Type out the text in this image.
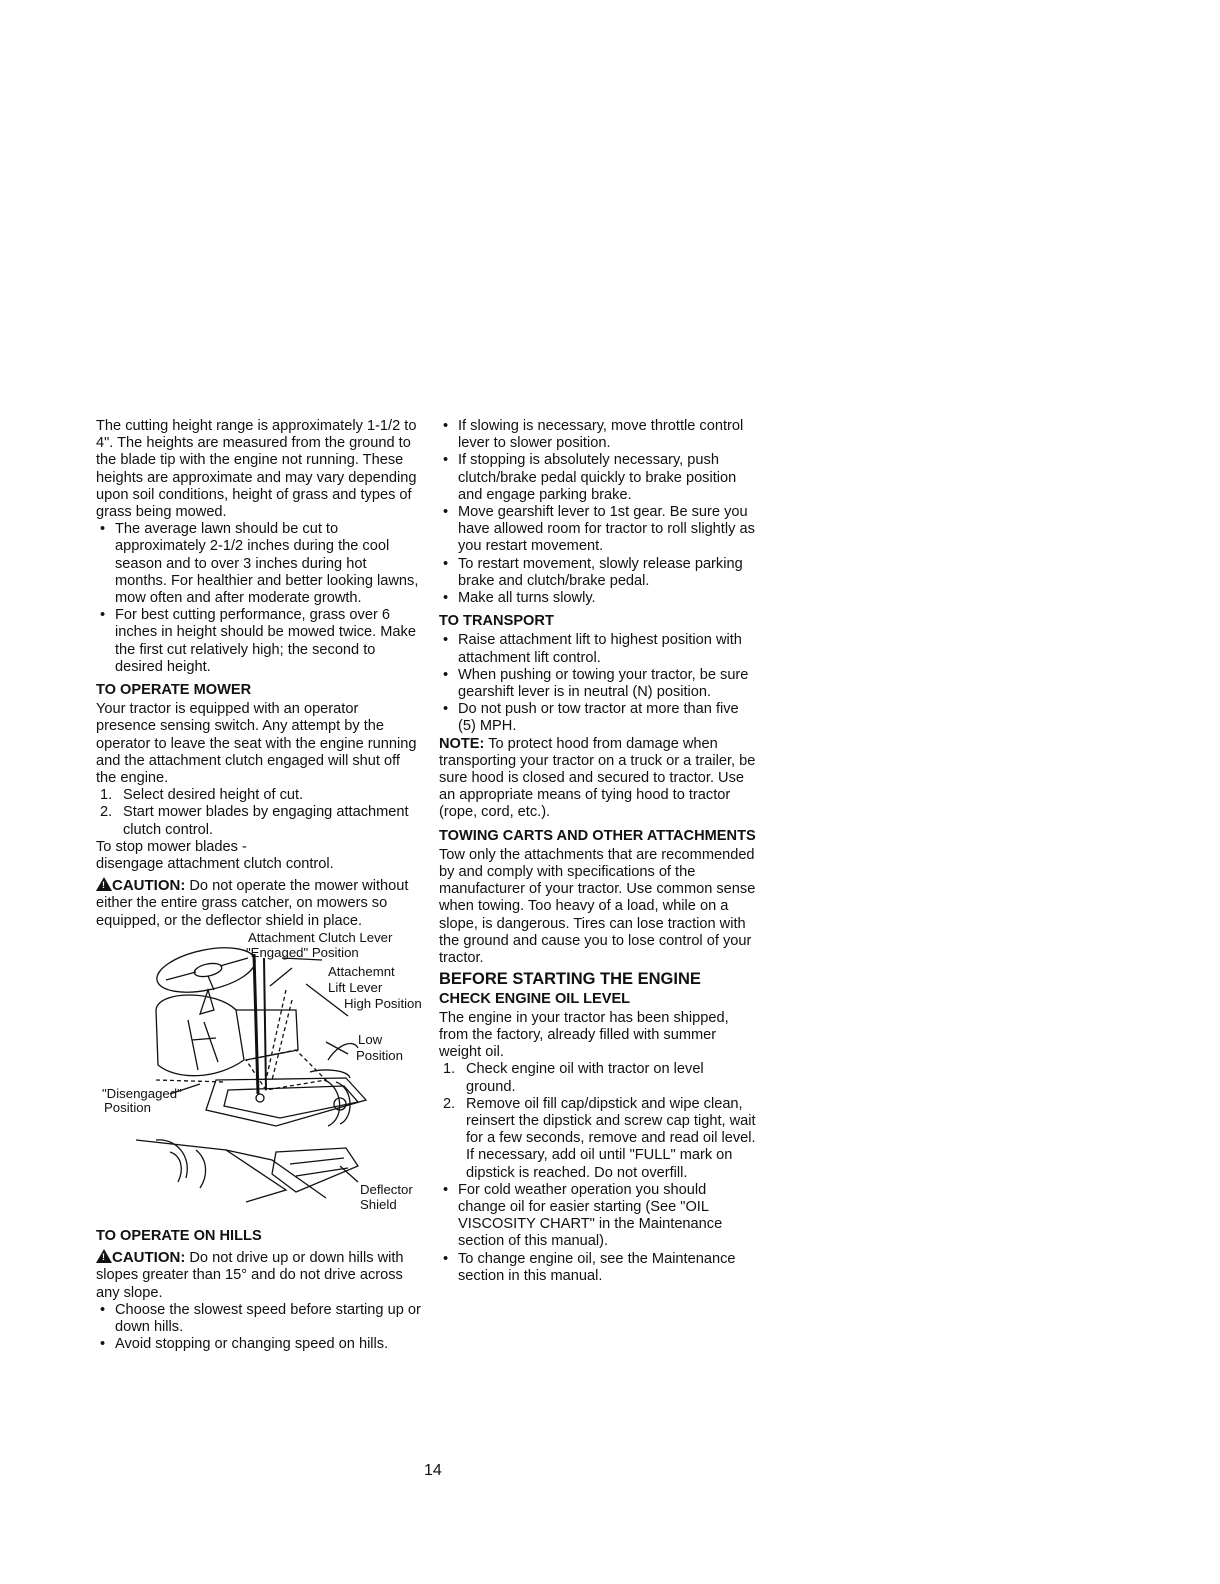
The cutting height range is approximately 1-1/2 to 4". The heights are measured from the ground to the blade tip with the engine not running. These heights are approximate and may vary depending upon soil conditions, height of grass and types of grass being mowed.

• The average lawn should be cut to approximately 2-1/2 inches during the cool season and to over 3 inches during hot months. For healthier and better looking lawns, mow often and after moderate growth.
• For best cutting performance, grass over 6 inches in height should be mowed twice. Make the first cut relatively high; the second to desired height.
TO OPERATE MOWER

Your tractor is equipped with an operator presence sensing switch. Any attempt by the operator to leave the seat with the engine running and the attachment clutch engaged will shut off the engine.

1. Select desired height of cut.
2. Start mower blades by engaging attachment clutch control.

To stop mower blades -

disengage attachment clutch control.

!CAUTION: Do not operate the mower without either the entire grass catcher, on mowers so equipped, or the deflector shield in place.

Attachment Clutch Lever
"Engaged" Position
Attachemnt
Lift Lever
High Position
Low
Position
"Disengaged"
Position
Deflector
Shield
TO OPERATE ON HILLS

!CAUTION: Do not drive up or down hills with slopes greater than 15° and do not drive across any slope.

• Choose the slowest speed before starting up or down hills.
• Avoid stopping or changing speed on hills.
• If slowing is necessary, move throttle control lever to slower position.
• If stopping is absolutely necessary, push clutch/brake pedal quickly to brake position and engage parking brake.
• Move gearshift lever to 1st gear. Be sure you have allowed room for tractor to roll slightly as you restart movement.
• To restart movement, slowly release parking brake and clutch/brake pedal.
• Make all turns slowly.
TO TRANSPORT
• Raise attachment lift to highest position with attachment lift control.
• When pushing or towing your tractor, be sure gearshift lever is in neutral (N) position.
• Do not push or tow tractor at more than five (5) MPH.

NOTE: To protect hood from damage when transporting your tractor on a truck or a trailer, be sure hood is closed and secured to tractor. Use an appropriate means of tying hood to tractor (rope, cord, etc.).

TOWING CARTS AND OTHER ATTACHMENTS

Tow only the attachments that are recommended by and comply with specifications of the manufacturer of your tractor. Use common sense when towing. Too heavy of a load, while on a slope, is dangerous. Tires can lose traction with the ground and cause you to lose control of your tractor.

BEFORE STARTING THE ENGINE
CHECK ENGINE OIL LEVEL

The engine in your tractor has been shipped, from the factory, already filled with summer weight oil.

1. Check engine oil with tractor on level ground.
2. Remove oil fill cap/dipstick and wipe clean, reinsert the dipstick and screw cap tight, wait for a few seconds, remove and read oil level. If necessary, add oil until "FULL" mark on dipstick is reached. Do not overfill.
• For cold weather operation you should change oil for easier starting (See "OIL VISCOSITY CHART" in the Maintenance section of this manual).
• To change engine oil, see the Maintenance section in this manual.
14
